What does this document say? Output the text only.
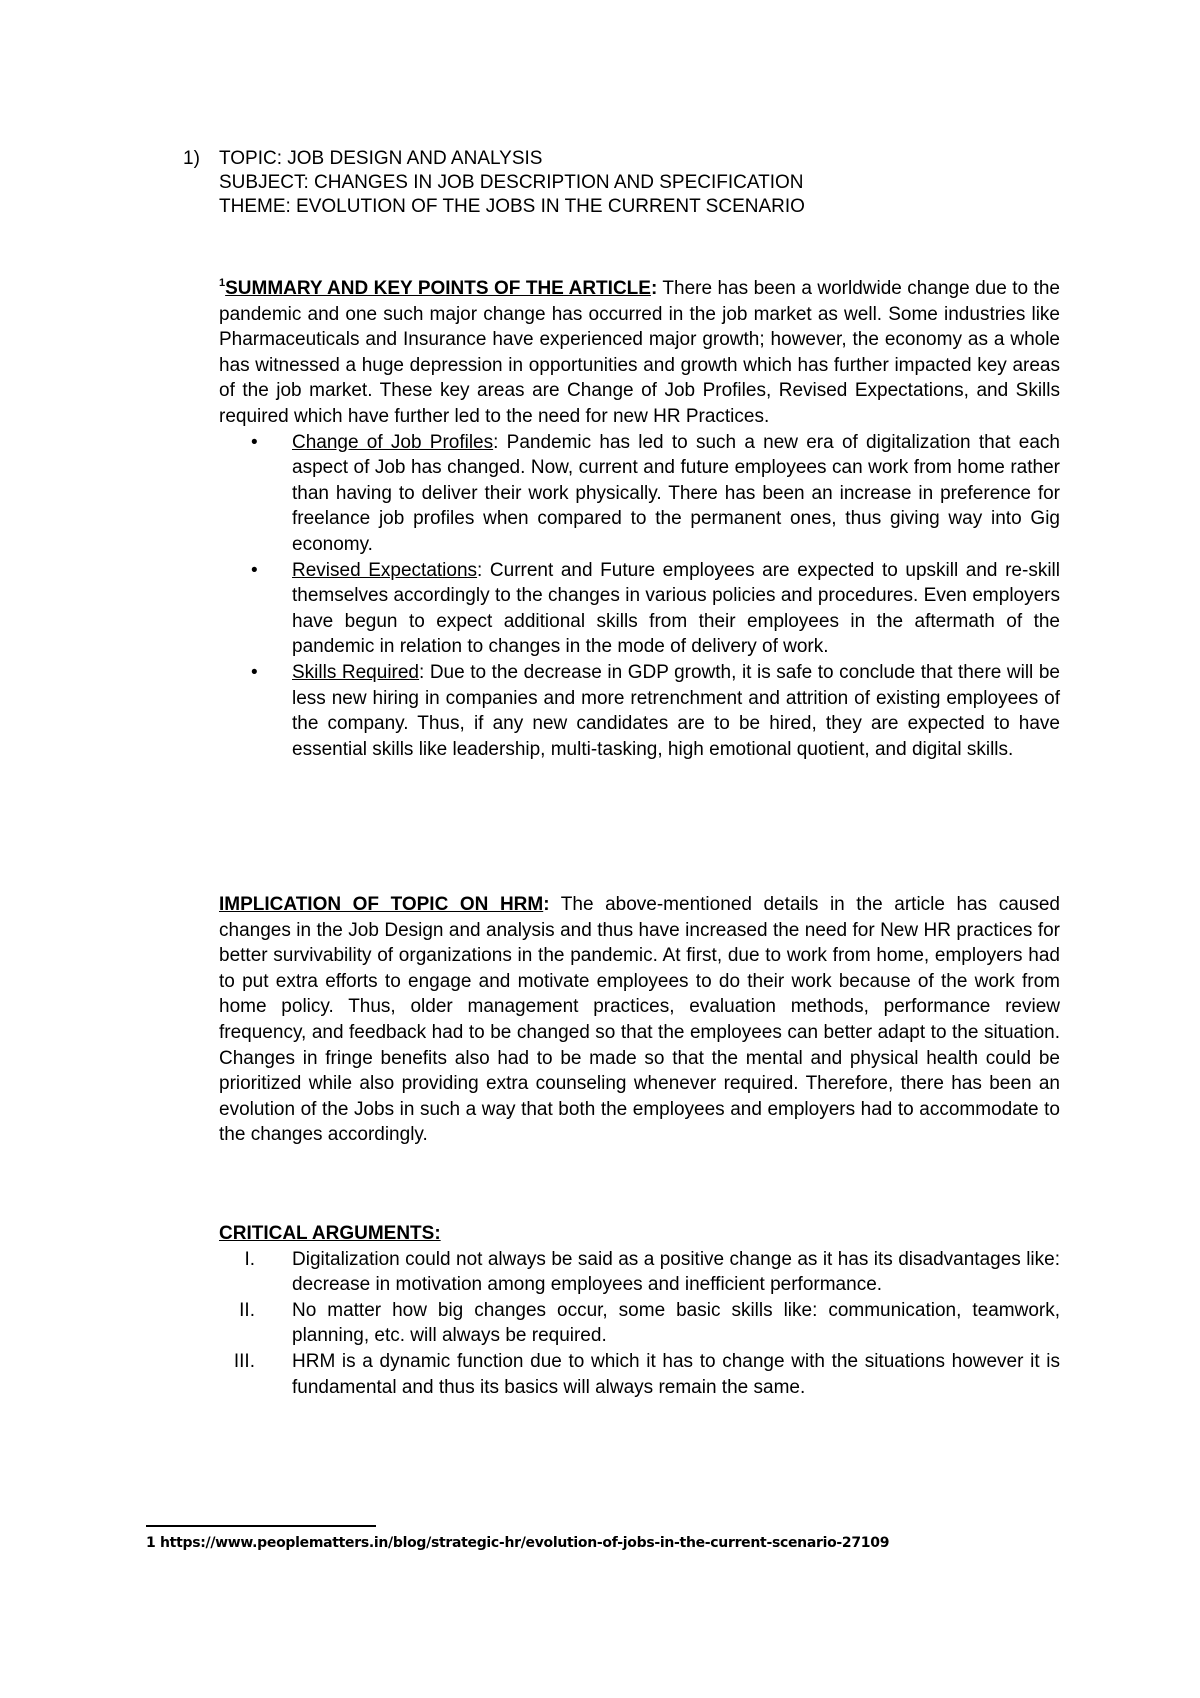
1) TOPIC: JOB DESIGN AND ANALYSIS
SUBJECT: CHANGES IN JOB DESCRIPTION AND SPECIFICATION
THEME: EVOLUTION OF THE JOBS IN THE CURRENT SCENARIO
$^1$SUMMARY AND KEY POINTS OF THE ARTICLE: There has been a worldwide change due to the pandemic and one such major change has occurred in the job market as well. Some industries like Pharmaceuticals and Insurance have experienced major growth; however, the economy as a whole has witnessed a huge depression in opportunities and growth which has further impacted key areas of the job market. These key areas are Change of Job Profiles, Revised Expectations, and Skills required which have further led to the need for new HR Practices.
• Change of Job Profiles: Pandemic has led to such a new era of digitalization that each aspect of Job has changed. Now, current and future employees can work from home rather than having to deliver their work physically. There has been an increase in preference for freelance job profiles when compared to the permanent ones, thus giving way into Gig economy.
• Revised Expectations: Current and Future employees are expected to upskill and re-skill themselves accordingly to the changes in various policies and procedures. Even employers have begun to expect additional skills from their employees in the aftermath of the pandemic in relation to changes in the mode of delivery of work.
• Skills Required: Due to the decrease in GDP growth, it is safe to conclude that there will be less new hiring in companies and more retrenchment and attrition of existing employees of the company. Thus, if any new candidates are to be hired, they are expected to have essential skills like leadership, multi-tasking, high emotional quotient, and digital skills.
IMPLICATION OF TOPIC ON HRM: The above-mentioned details in the article has caused changes in the Job Design and analysis and thus have increased the need for New HR practices for better survivability of organizations in the pandemic. At first, due to work from home, employers had to put extra efforts to engage and motivate employees to do their work because of the work from home policy. Thus, older management practices, evaluation methods, performance review frequency, and feedback had to be changed so that the employees can better adapt to the situation. Changes in fringe benefits also had to be made so that the mental and physical health could be prioritized while also providing extra counseling whenever required. Therefore, there has been an evolution of the Jobs in such a way that both the employees and employers had to accommodate to the changes accordingly.
CRITICAL ARGUMENTS:
I. Digitalization could not always be said as a positive change as it has its disadvantages like: decrease in motivation among employees and inefficient performance.
II. No matter how big changes occur, some basic skills like: communication, teamwork, planning, etc. will always be required.
III. HRM is a dynamic function due to which it has to change with the situations however it is fundamental and thus its basics will always remain the same.
1 https://www.peoplematters.in/blog/strategic-hr/evolution-of-jobs-in-the-current-scenario-27109
